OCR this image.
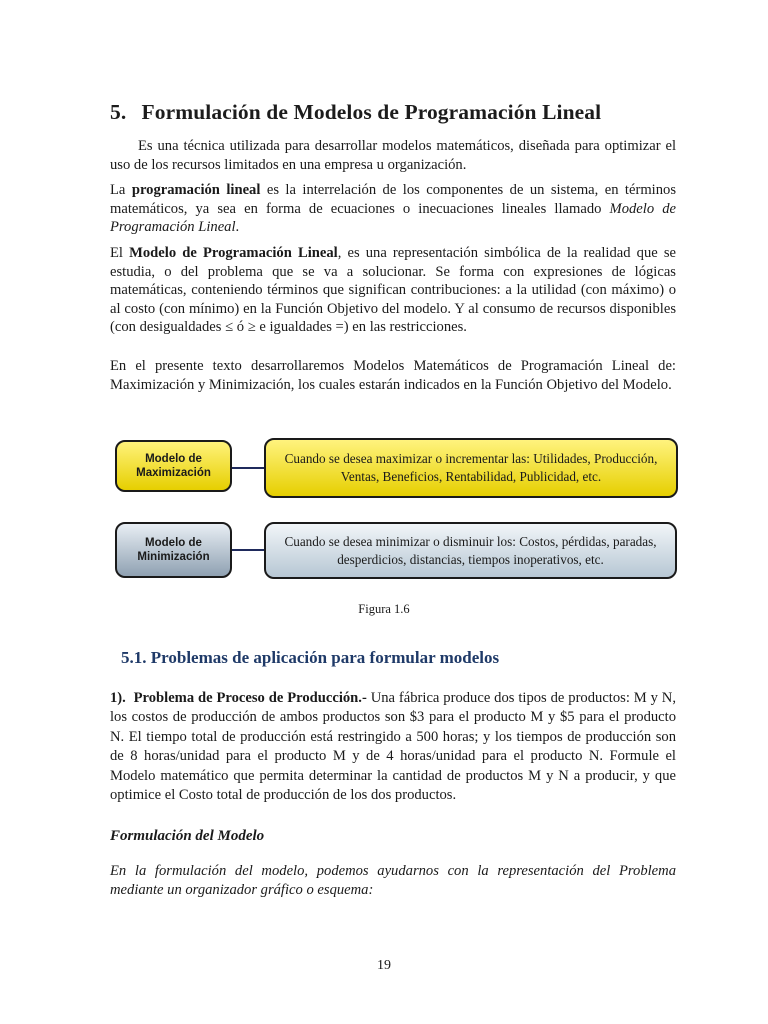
5. Formulación de Modelos de Programación Lineal

Es una técnica utilizada para desarrollar modelos matemáticos, diseñada para optimizar el uso de los recursos limitados en una empresa u organización.

La programación lineal es la interrelación de los componentes de un sistema, en términos matemáticos, ya sea en forma de ecuaciones o inecuaciones lineales llamado Modelo de Programación Lineal.

El Modelo de Programación Lineal, es una representación simbólica de la realidad que se estudia, o del problema que se va a solucionar. Se forma con expresiones de lógicas matemáticas, conteniendo términos que significan contribuciones: a la utilidad (con máximo) o al costo (con mínimo) en la Función Objetivo del modelo. Y al consumo de recursos disponibles (con desigualdades ≤ ó ≥ e igualdades =) en las restricciones.

En el presente texto desarrollaremos Modelos Matemáticos de Programación Lineal de: Maximización y Minimización, los cuales estarán indicados en la Función Objetivo del Modelo.

Modelo de
Maximización
Cuando se desea maximizar o incrementar las: Utilidades, Producción, Ventas, Beneficios, Rentabilidad, Publicidad, etc.
Modelo de
Minimización
Cuando se desea minimizar o disminuir los: Costos, pérdidas, paradas, desperdicios, distancias, tiempos inoperativos, etc.
Figura 1.6
5.1. Problemas de aplicación para formular modelos

1). Problema de Proceso de Producción.- Una fábrica produce dos tipos de productos: M y N, los costos de producción de ambos productos son $3 para el producto M y $5 para el producto N. El tiempo total de producción está restringido a 500 horas; y los tiempos de producción son de 8 horas/unidad para el producto M y de 4 horas/unidad para el producto N. Formule el Modelo matemático que permita determinar la cantidad de productos M y N a producir, y que optimice el Costo total de producción de los dos productos.

Formulación del Modelo

En la formulación del modelo, podemos ayudarnos con la representación del Problema mediante un organizador gráfico o esquema:

19
